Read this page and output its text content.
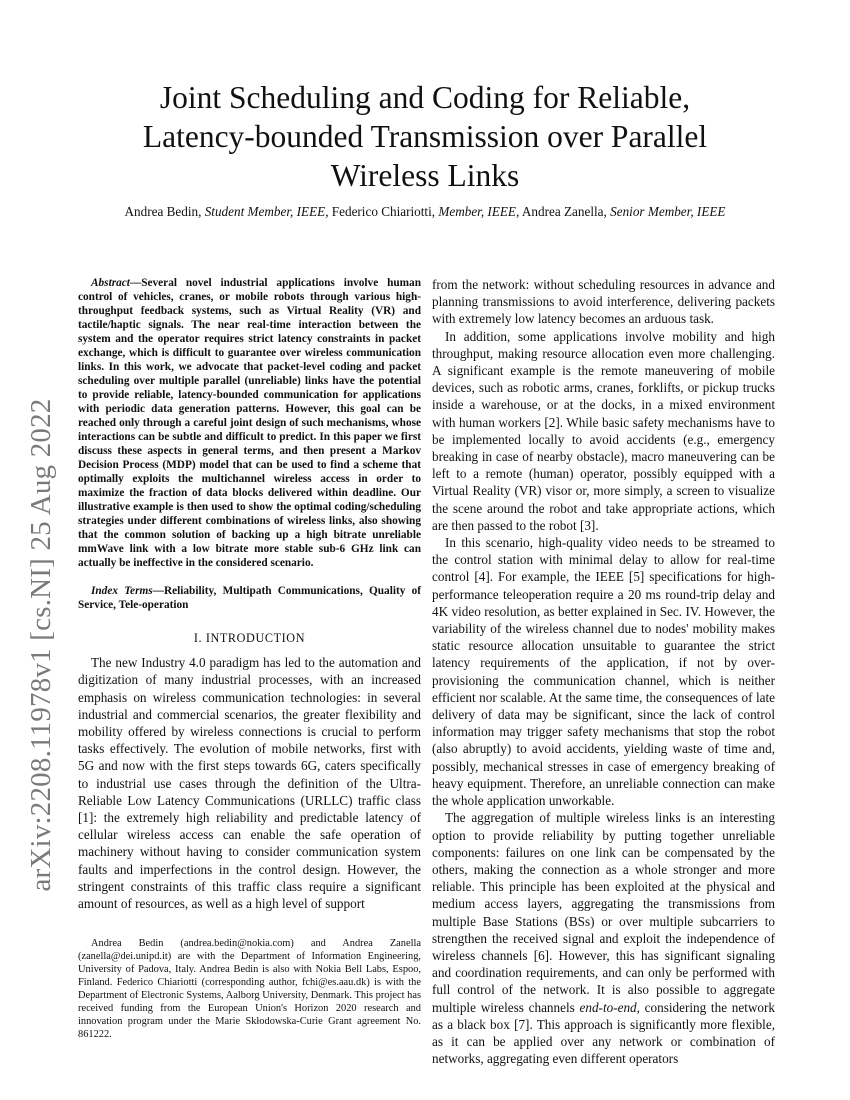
arXiv:2208.11978v1 [cs.NI] 25 Aug 2022
Joint Scheduling and Coding for Reliable,
Latency-bounded Transmission over Parallel
Wireless Links
Andrea Bedin, Student Member, IEEE, Federico Chiariotti, Member, IEEE, Andrea Zanella, Senior Member, IEEE

Abstract—Several novel industrial applications involve human control of vehicles, cranes, or mobile robots through various high-throughput feedback systems, such as Virtual Reality (VR) and tactile/haptic signals. The near real-time interaction between the system and the operator requires strict latency constraints in packet exchange, which is difficult to guarantee over wireless communication links. In this work, we advocate that packet-level coding and packet scheduling over multiple parallel (unreliable) links have the potential to provide reliable, latency-bounded communication for applications with periodic data generation patterns. However, this goal can be reached only through a careful joint design of such mechanisms, whose interactions can be subtle and difficult to predict. In this paper we first discuss these aspects in general terms, and then present a Markov Decision Process (MDP) model that can be used to find a scheme that optimally exploits the multichannel wireless access in order to maximize the fraction of data blocks delivered within deadline. Our illustrative example is then used to show the optimal coding/scheduling strategies under different combinations of wireless links, also showing that the common solution of backing up a high bitrate unreliable mmWave link with a low bitrate more stable sub-6 GHz link can actually be ineffective in the considered scenario.

Index Terms—Reliability, Multipath Communications, Quality of Service, Tele-operation

I. INTRODUCTION

The new Industry 4.0 paradigm has led to the automation and digitization of many industrial processes, with an increased emphasis on wireless communication technologies: in several industrial and commercial scenarios, the greater flexibility and mobility offered by wireless connections is crucial to perform tasks effectively. The evolution of mobile networks, first with 5G and now with the first steps towards 6G, caters specifically to industrial use cases through the definition of the Ultra-Reliable Low Latency Communications (URLLC) traffic class [1]: the extremely high reliability and predictable latency of cellular wireless access can enable the safe operation of machinery without having to consider communication system faults and imperfections in the control design. However, the stringent constraints of this traffic class require a significant amount of resources, as well as a high level of support

Andrea Bedin (andrea.bedin@nokia.com) and Andrea Zanella (zanella@dei.unipd.it) are with the Department of Information Engineering, University of Padova, Italy. Andrea Bedin is also with Nokia Bell Labs, Espoo, Finland. Federico Chiariotti (corresponding author, fchi@es.aau.dk) is with the Department of Electronic Systems, Aalborg University, Denmark. This project has received funding from the European Union's Horizon 2020 research and innovation program under the Marie Skłodowska-Curie Grant agreement No. 861222.

from the network: without scheduling resources in advance and planning transmissions to avoid interference, delivering packets with extremely low latency becomes an arduous task.

In addition, some applications involve mobility and high throughput, making resource allocation even more challenging. A significant example is the remote maneuvering of mobile devices, such as robotic arms, cranes, forklifts, or pickup trucks inside a warehouse, or at the docks, in a mixed environment with human workers [2]. While basic safety mechanisms have to be implemented locally to avoid accidents (e.g., emergency breaking in case of nearby obstacle), macro maneuvering can be left to a remote (human) operator, possibly equipped with a Virtual Reality (VR) visor or, more simply, a screen to visualize the scene around the robot and take appropriate actions, which are then passed to the robot [3].

In this scenario, high-quality video needs to be streamed to the control station with minimal delay to allow for real-time control [4]. For example, the IEEE [5] specifications for high-performance teleoperation require a 20 ms round-trip delay and 4K video resolution, as better explained in Sec. IV. However, the variability of the wireless channel due to nodes' mobility makes static resource allocation unsuitable to guarantee the strict latency requirements of the application, if not by over-provisioning the communication channel, which is neither efficient nor scalable. At the same time, the consequences of late delivery of data may be significant, since the lack of control information may trigger safety mechanisms that stop the robot (also abruptly) to avoid accidents, yielding waste of time and, possibly, mechanical stresses in case of emergency breaking of heavy equipment. Therefore, an unreliable connection can make the whole application unworkable.

The aggregation of multiple wireless links is an interesting option to provide reliability by putting together unreliable components: failures on one link can be compensated by the others, making the connection as a whole stronger and more reliable. This principle has been exploited at the physical and medium access layers, aggregating the transmissions from multiple Base Stations (BSs) or over multiple subcarriers to strengthen the received signal and exploit the independence of wireless channels [6]. However, this has significant signaling and coordination requirements, and can only be performed with full control of the network. It is also possible to aggregate multiple wireless channels end-to-end, considering the network as a black box [7]. This approach is significantly more flexible, as it can be applied over any network or combination of networks, aggregating even different operators
